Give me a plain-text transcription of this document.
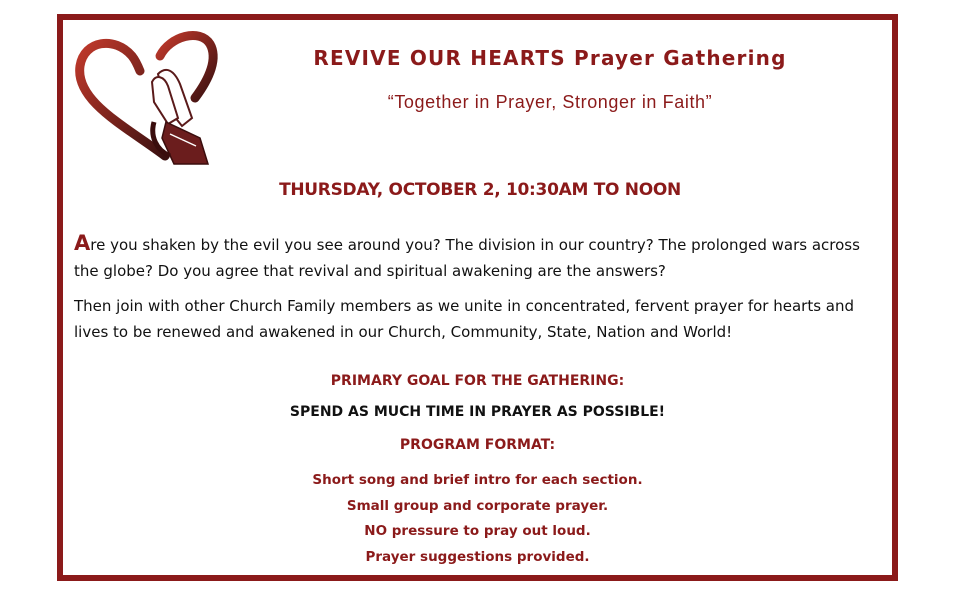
REVIVE OUR HEARTS Prayer Gathering
“Together in Prayer, Stronger in Faith”
THURSDAY, OCTOBER 2, 10:30AM TO NOON
Are you shaken by the evil you see around you? The division in our country? The prolonged wars across the globe? Do you agree that revival and spiritual awakening are the answers?
Then join with other Church Family members as we unite in concentrated, fervent prayer for hearts and lives to be renewed and awakened in our Church, Community, State, Nation and World!
PRIMARY GOAL FOR THE GATHERING:
SPEND AS MUCH TIME IN PRAYER AS POSSIBLE!
PROGRAM FORMAT:
Short song and brief intro for each section.
Small group and corporate prayer.
NO pressure to pray out loud.
Prayer suggestions provided.
